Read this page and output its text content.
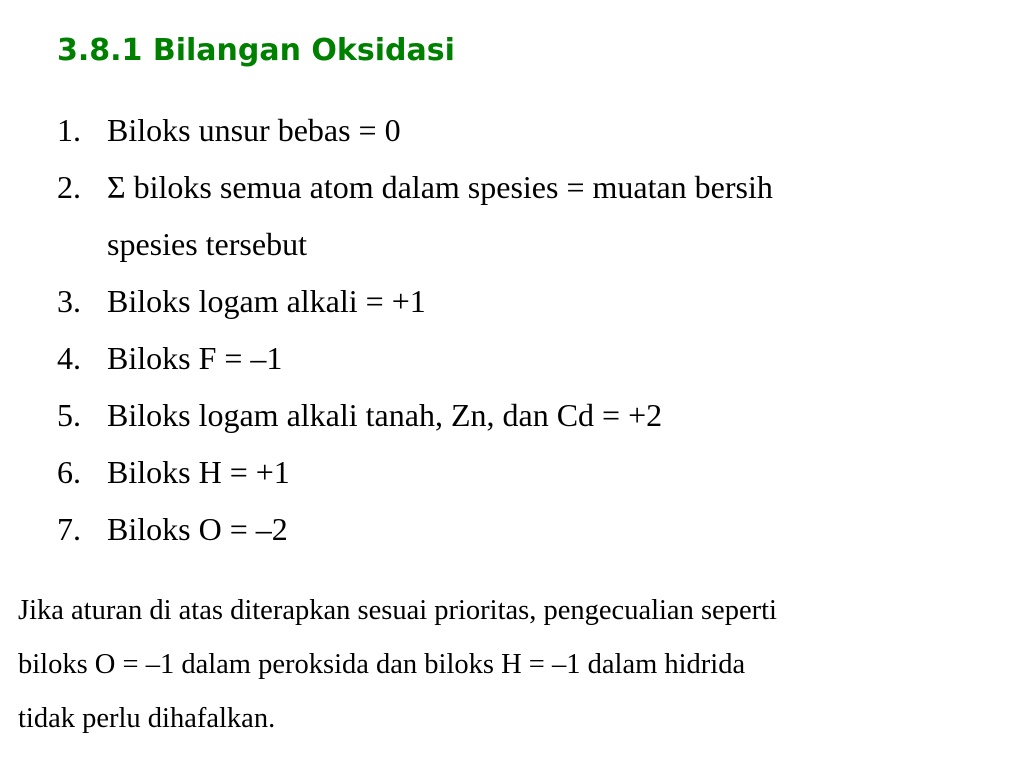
3.8.1 Bilangan Oksidasi
1. Biloks unsur bebas = 0
2. Σ biloks semua atom dalam spesies = muatan bersih
spesies tersebut
3. Biloks logam alkali = +1
4. Biloks F = –1
5. Biloks logam alkali tanah, Zn, dan Cd = +2
6. Biloks H = +1
7. Biloks O = –2

Jika aturan di atas diterapkan sesuai prioritas, pengecualian seperti
biloks O = –1 dalam peroksida dan biloks H = –1 dalam hidrida
tidak perlu dihafalkan.
